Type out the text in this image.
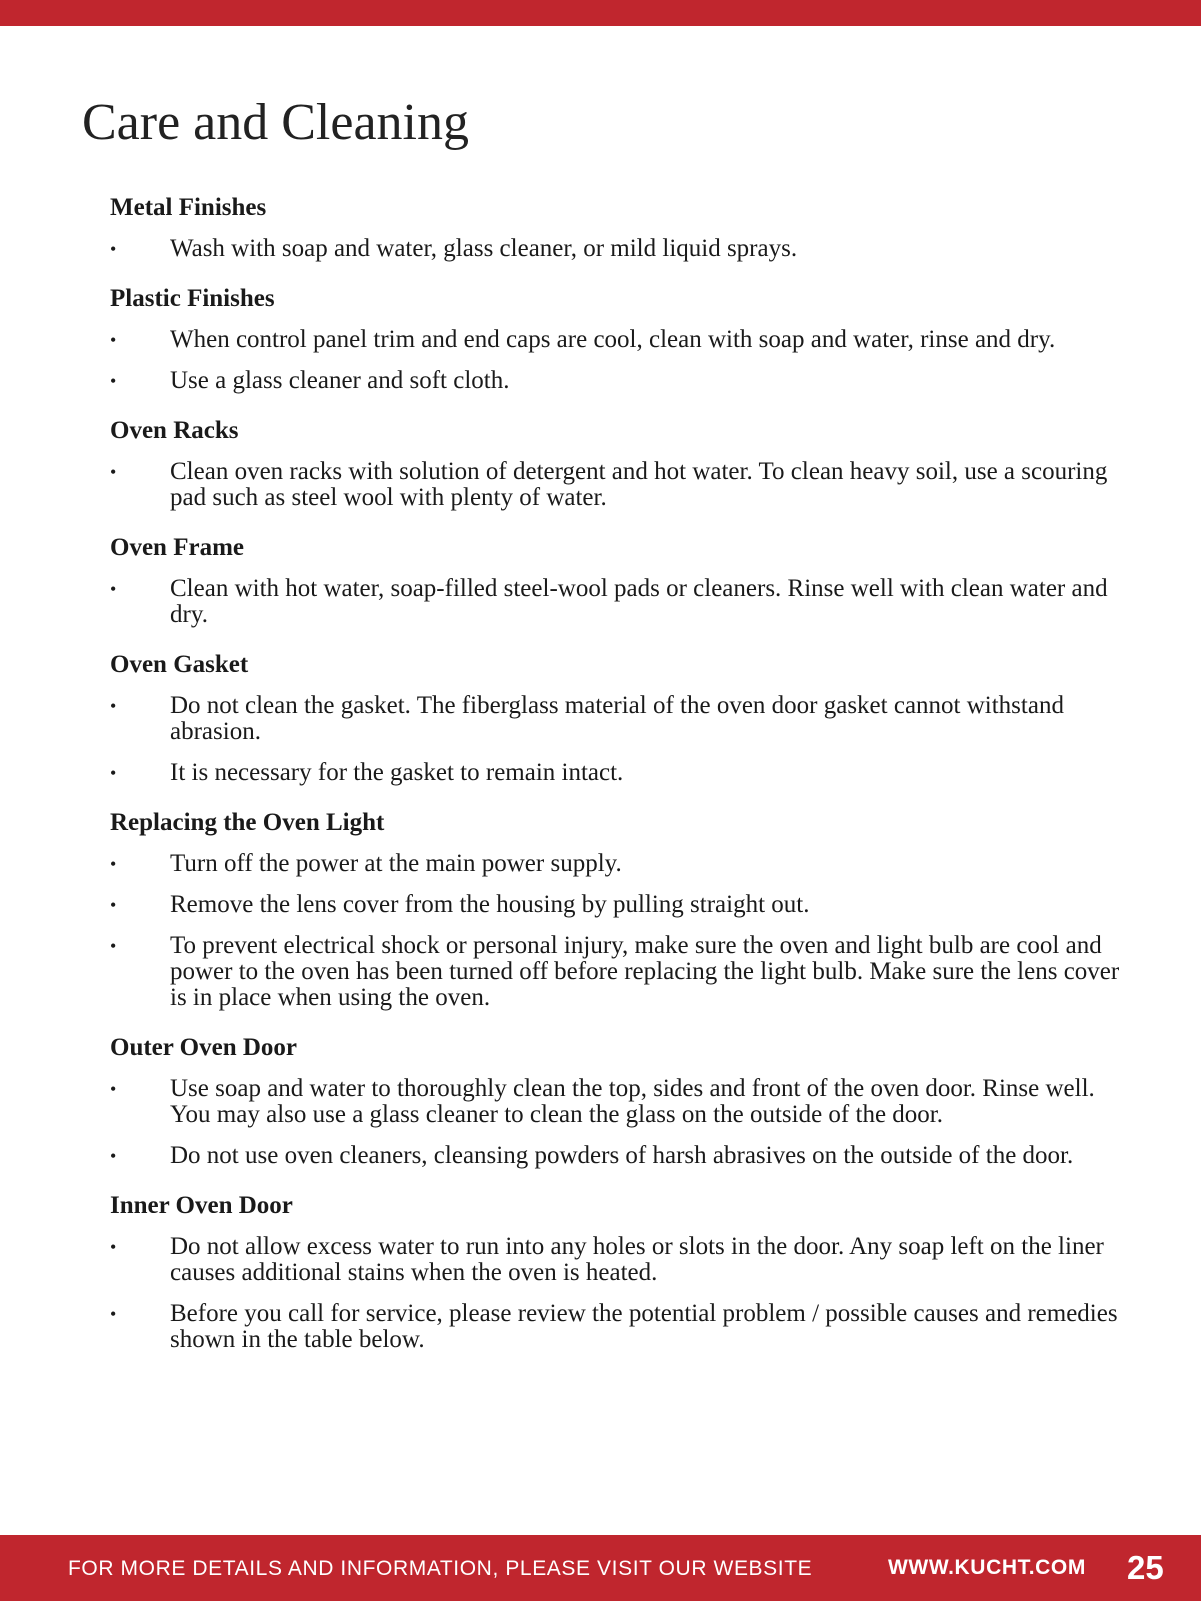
Care and Cleaning
Metal Finishes
• Wash with soap and water, glass cleaner, or mild liquid sprays.
Plastic Finishes
• When control panel trim and end caps are cool, clean with soap and water, rinse and dry.
• Use a glass cleaner and soft cloth.
Oven Racks
• Clean oven racks with solution of detergent and hot water. To clean heavy soil, use a scouring pad such as steel wool with plenty of water.
Oven Frame
• Clean with hot water, soap-filled steel-wool pads or cleaners. Rinse well with clean water and dry.
Oven Gasket
• Do not clean the gasket. The fiberglass material of the oven door gasket cannot withstand abrasion.
• It is necessary for the gasket to remain intact.
Replacing the Oven Light
• Turn off the power at the main power supply.
• Remove the lens cover from the housing by pulling straight out.
• To prevent electrical shock or personal injury, make sure the oven and light bulb are cool and power to the oven has been turned off before replacing the light bulb. Make sure the lens cover is in place when using the oven.
Outer Oven Door
• Use soap and water to thoroughly clean the top, sides and front of the oven door. Rinse well. You may also use a glass cleaner to clean the glass on the outside of the door.
• Do not use oven cleaners, cleansing powders of harsh abrasives on the outside of the door.
Inner Oven Door
• Do not allow excess water to run into any holes or slots in the door. Any soap left on the liner causes additional stains when the oven is heated.
• Before you call for service, please review the potential problem / possible causes and remedies shown in the table below.
FOR MORE DETAILS AND INFORMATION, PLEASE VISIT OUR WEBSITE	WWW.KUCHT.COM 25
